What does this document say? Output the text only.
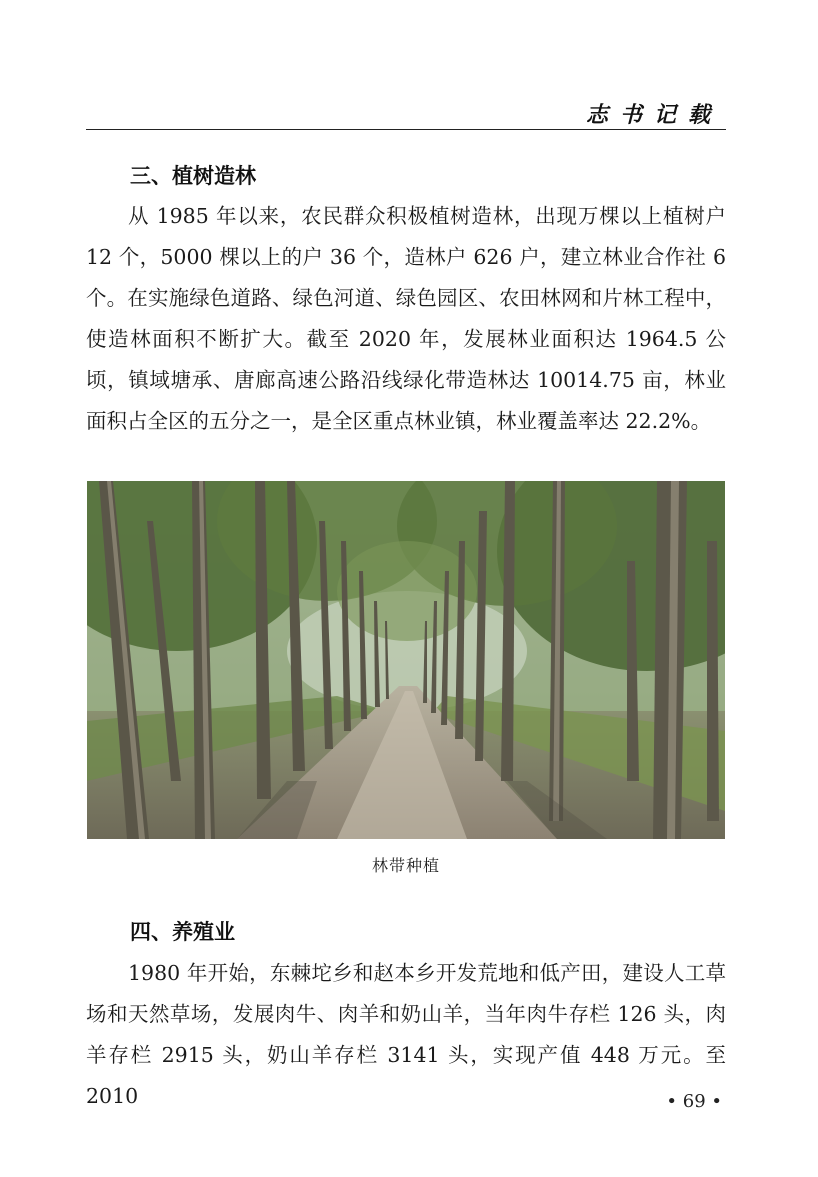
志书记载
三、植树造林
从 1985 年以来，农民群众积极植树造林，出现万棵以上植树户 12 个，5000 棵以上的户 36 个，造林户 626 户，建立林业合作社 6 个。在实施绿色道路、绿色河道、绿色园区、农田林网和片林工程中，使造林面积不断扩大。截至 2020 年，发展林业面积达 1964.5 公顷，镇域塘承、唐廊高速公路沿线绿化带造林达 10014.75 亩，林业面积占全区的五分之一，是全区重点林业镇，林业覆盖率达 22.2%。
林带种植
四、养殖业
1980 年开始，东棘坨乡和赵本乡开发荒地和低产田，建设人工草场和天然草场，发展肉牛、肉羊和奶山羊，当年肉牛存栏 126 头，肉羊存栏 2915 头，奶山羊存栏 3141 头，实现产值 448 万元。至 2010	• 69 •
